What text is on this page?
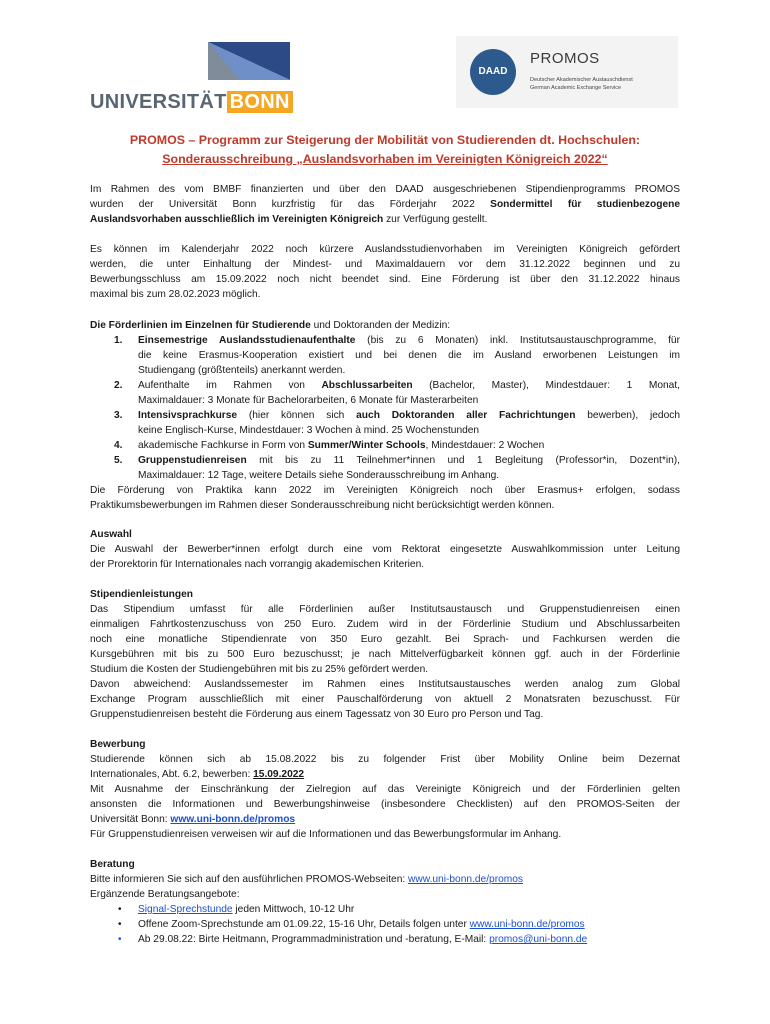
UNIVERSITÄT BONN
DAAD
PROMOS
Deutscher Akademischer Austauschdienst
German Academic Exchange Service
PROMOS – Programm zur Steigerung der Mobilität von Studierenden dt. Hochschulen:
Sonderausschreibung „Auslandsvorhaben im Vereinigten Königreich 2022“
Im Rahmen des vom BMBF finanzierten und über den DAAD ausgeschriebenen Stipendienprogramms PROMOS
wurden der Universität Bonn kurzfristig für das Förderjahr 2022 Sondermittel für studienbezogene
Auslandsvorhaben ausschließlich im Vereinigten Königreich zur Verfügung gestellt.
Es können im Kalenderjahr 2022 noch kürzere Auslandsstudienvorhaben im Vereinigten Königreich gefördert
werden, die unter Einhaltung der Mindest- und Maximaldauern vor dem 31.12.2022 beginnen und zu
Bewerbungsschluss am 15.09.2022 noch nicht beendet sind. Eine Förderung ist über den 31.12.2022 hinaus
maximal bis zum 28.02.2023 möglich.
Die Förderlinien im Einzelnen für Studierende und Doktoranden der Medizin:
1. Einsemestrige Auslandsstudienaufenthalte (bis zu 6 Monaten) inkl. Institutsaustauschprogramme, für
die keine Erasmus-Kooperation existiert und bei denen die im Ausland erworbenen Leistungen im
Studiengang (größtenteils) anerkannt werden.
2. Aufenthalte im Rahmen von Abschlussarbeiten (Bachelor, Master), Mindestdauer: 1 Monat,
Maximaldauer: 3 Monate für Bachelorarbeiten, 6 Monate für Masterarbeiten
3. Intensivsprachkurse (hier können sich auch Doktoranden aller Fachrichtungen bewerben), jedoch
keine Englisch-Kurse, Mindestdauer: 3 Wochen à mind. 25 Wochenstunden
4. akademische Fachkurse in Form von Summer/Winter Schools, Mindestdauer: 2 Wochen
5. Gruppenstudienreisen mit bis zu 11 Teilnehmer*innen und 1 Begleitung (Professor*in, Dozent*in),
Maximaldauer: 12 Tage, weitere Details siehe Sonderausschreibung im Anhang.
Die Förderung von Praktika kann 2022 im Vereinigten Königreich noch über Erasmus+ erfolgen, sodass
Praktikumsbewerbungen im Rahmen dieser Sonderausschreibung nicht berücksichtigt werden können.
Auswahl
Die Auswahl der Bewerber*innen erfolgt durch eine vom Rektorat eingesetzte Auswahlkommission unter Leitung
der Prorektorin für Internationales nach vorrangig akademischen Kriterien.
Stipendienleistungen
Das Stipendium umfasst für alle Förderlinien außer Institutsaustausch und Gruppenstudienreisen einen
einmaligen Fahrtkostenzuschuss von 250 Euro. Zudem wird in der Förderlinie Studium und Abschlussarbeiten
noch eine monatliche Stipendienrate von 350 Euro gezahlt. Bei Sprach- und Fachkursen werden die
Kursgebühren mit bis zu 500 Euro bezuschusst; je nach Mittelverfügbarkeit können ggf. auch in der Förderlinie
Studium die Kosten der Studiengebühren mit bis zu 25% gefördert werden.
Davon abweichend: Auslandssemester im Rahmen eines Institutsaustausches werden analog zum Global
Exchange Program ausschließlich mit einer Pauschalförderung von aktuell 2 Monatsraten bezuschusst. Für
Gruppenstudienreisen besteht die Förderung aus einem Tagessatz von 30 Euro pro Person und Tag.
Bewerbung
Studierende können sich ab 15.08.2022 bis zu folgender Frist über Mobility Online beim Dezernat
Internationales, Abt. 6.2, bewerben: 15.09.2022
Mit Ausnahme der Einschränkung der Zielregion auf das Vereinigte Königreich und der Förderlinien gelten
ansonsten die Informationen und Bewerbungshinweise (insbesondere Checklisten) auf den PROMOS-Seiten der
Universität Bonn: www.uni-bonn.de/promos
Für Gruppenstudienreisen verweisen wir auf die Informationen und das Bewerbungsformular im Anhang.
Beratung
Bitte informieren Sie sich auf den ausführlichen PROMOS-Webseiten: www.uni-bonn.de/promos
Ergänzende Beratungsangebote:
• Signal-Sprechstunde jeden Mittwoch, 10-12 Uhr
• Offene Zoom-Sprechstunde am 01.09.22, 15-16 Uhr, Details folgen unter www.uni-bonn.de/promos
• Ab 29.08.22: Birte Heitmann, Programmadministration und -beratung, E-Mail: promos@uni-bonn.de
